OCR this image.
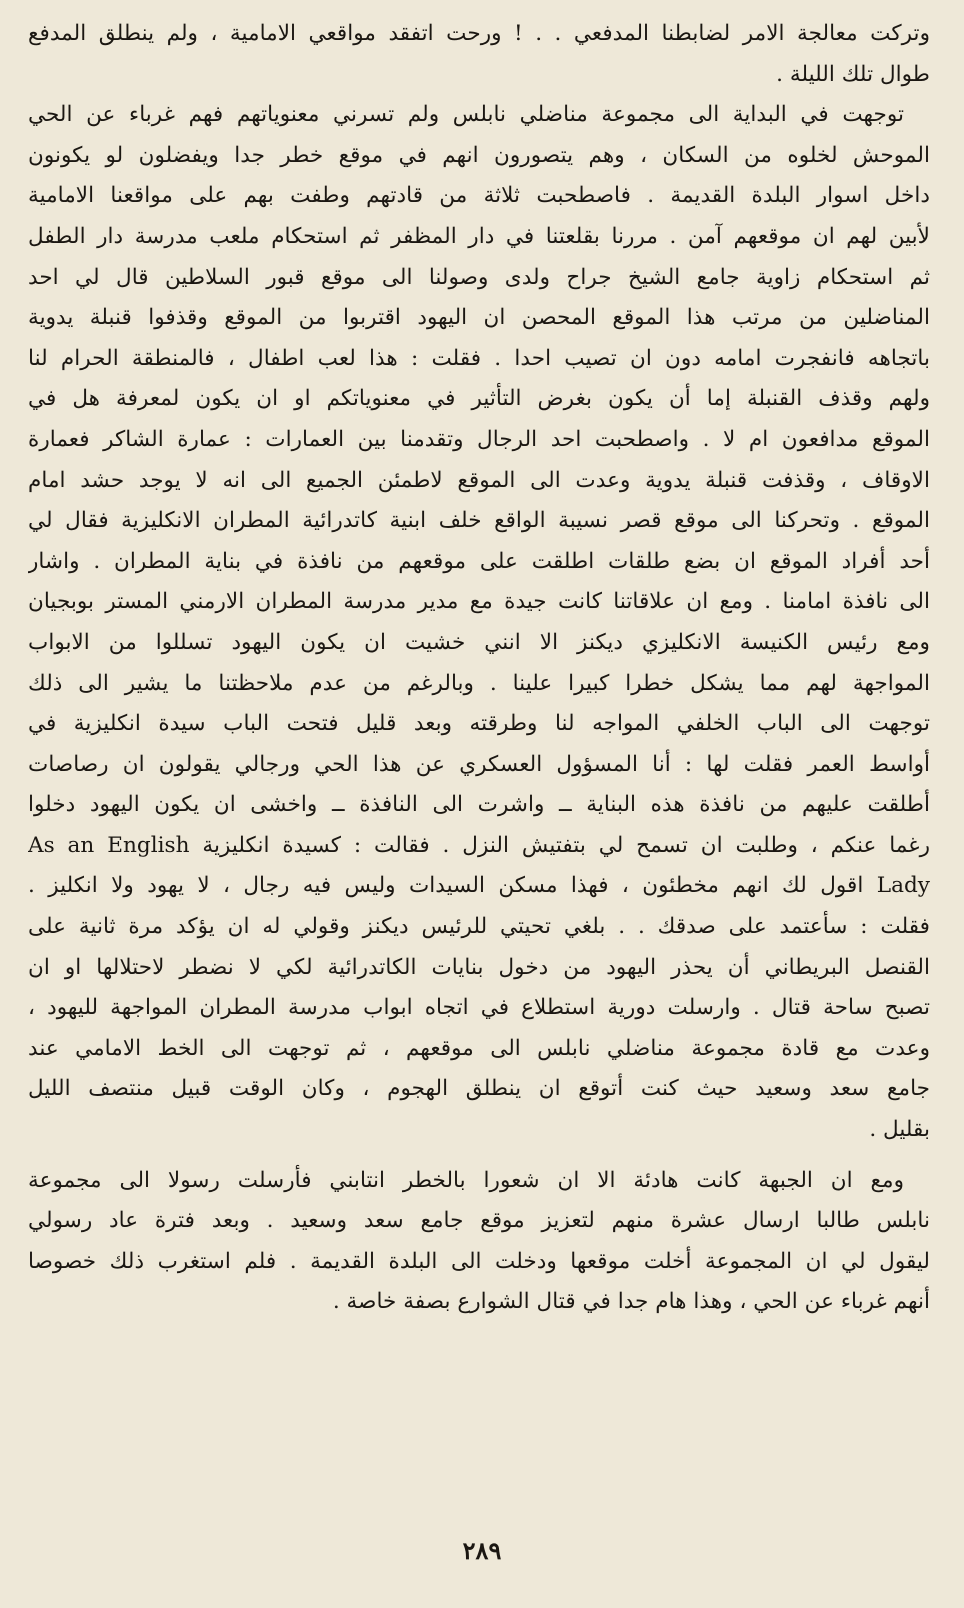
وتركت معالجة الامر لضابطنا المدفعي . . ! ورحت اتفقد مواقعي الامامية ، ولم ينطلق المدفع
طوال تلك الليلة .
توجهت في البداية الى مجموعة مناضلي نابلس ولم تسرني معنوياتهم فهم غرباء عن الحي
الموحش لخلوه من السكان ، وهم يتصورون انهم في موقع خطر جدا ويفضلون لو يكونون
داخل اسوار البلدة القديمة . فاصطحبت ثلاثة من قادتهم وطفت بهم على مواقعنا الامامية
لأبين لهم ان موقعهم آمن . مررنا بقلعتنا في دار المظفر ثم استحكام ملعب مدرسة دار الطفل
ثم استحكام زاوية جامع الشيخ جراح ولدى وصولنا الى موقع قبور السلاطين قال لي احد
المناضلين من مرتب هذا الموقع المحصن ان اليهود اقتربوا من الموقع وقذفوا قنبلة يدوية
باتجاهه فانفجرت امامه دون ان تصيب احدا . فقلت : هذا لعب اطفال ، فالمنطقة الحرام لنا
ولهم وقذف القنبلة إما أن يكون بغرض التأثير في معنوياتكم او ان يكون لمعرفة هل في
الموقع مدافعون ام لا . واصطحبت احد الرجال وتقدمنا بين العمارات : عمارة الشاكر فعمارة
الاوقاف ، وقذفت قنبلة يدوية وعدت الى الموقع لاطمئن الجميع الى انه لا يوجد حشد امام
الموقع . وتحركنا الى موقع قصر نسيبة الواقع خلف ابنية كاتدرائية المطران الانكليزية فقال لي
أحد أفراد الموقع ان بضع طلقات اطلقت على موقعهم من نافذة في بناية المطران . واشار
الى نافذة امامنا . ومع ان علاقاتنا كانت جيدة مع مدير مدرسة المطران الارمني المستر بوبجيان
ومع رئيس الكنيسة الانكليزي ديكنز الا انني خشيت ان يكون اليهود تسللوا من الابواب
المواجهة لهم مما يشكل خطرا كبيرا علينا . وبالرغم من عدم ملاحظتنا ما يشير الى ذلك
توجهت الى الباب الخلفي المواجه لنا وطرقته وبعد قليل فتحت الباب سيدة انكليزية في
أواسط العمر فقلت لها : أنا المسؤول العسكري عن هذا الحي ورجالي يقولون ان رصاصات
أطلقت عليهم من نافذة هذه البناية ــ واشرت الى النافذة ــ واخشى ان يكون اليهود دخلوا
رغما عنكم ، وطلبت ان تسمح لي بتفتيش النزل . فقالت : كسيدة انكليزية As an English
Lady اقول لك انهم مخطئون ، فهذا مسكن السيدات وليس فيه رجال ، لا يهود ولا انكليز .
فقلت : سأعتمد على صدقك . . بلغي تحيتي للرئيس ديكنز وقولي له ان يؤكد مرة ثانية على
القنصل البريطاني أن يحذر اليهود من دخول بنايات الكاتدرائية لكي لا نضطر لاحتلالها او ان
تصبح ساحة قتال . وارسلت دورية استطلاع في اتجاه ابواب مدرسة المطران المواجهة لليهود ،
وعدت مع قادة مجموعة مناضلي نابلس الى موقعهم ، ثم توجهت الى الخط الامامي عند
جامع سعد وسعيد حيث كنت أتوقع ان ينطلق الهجوم ، وكان الوقت قبيل منتصف الليل
بقليل .
ومع ان الجبهة كانت هادئة الا ان شعورا بالخطر انتابني فأرسلت رسولا الى مجموعة
نابلس طالبا ارسال عشرة منهم لتعزيز موقع جامع سعد وسعيد . وبعد فترة عاد رسولي
ليقول لي ان المجموعة أخلت موقعها ودخلت الى البلدة القديمة . فلم استغرب ذلك خصوصا
أنهم غرباء عن الحي ، وهذا هام جدا في قتال الشوارع بصفة خاصة .
٢٨٩
